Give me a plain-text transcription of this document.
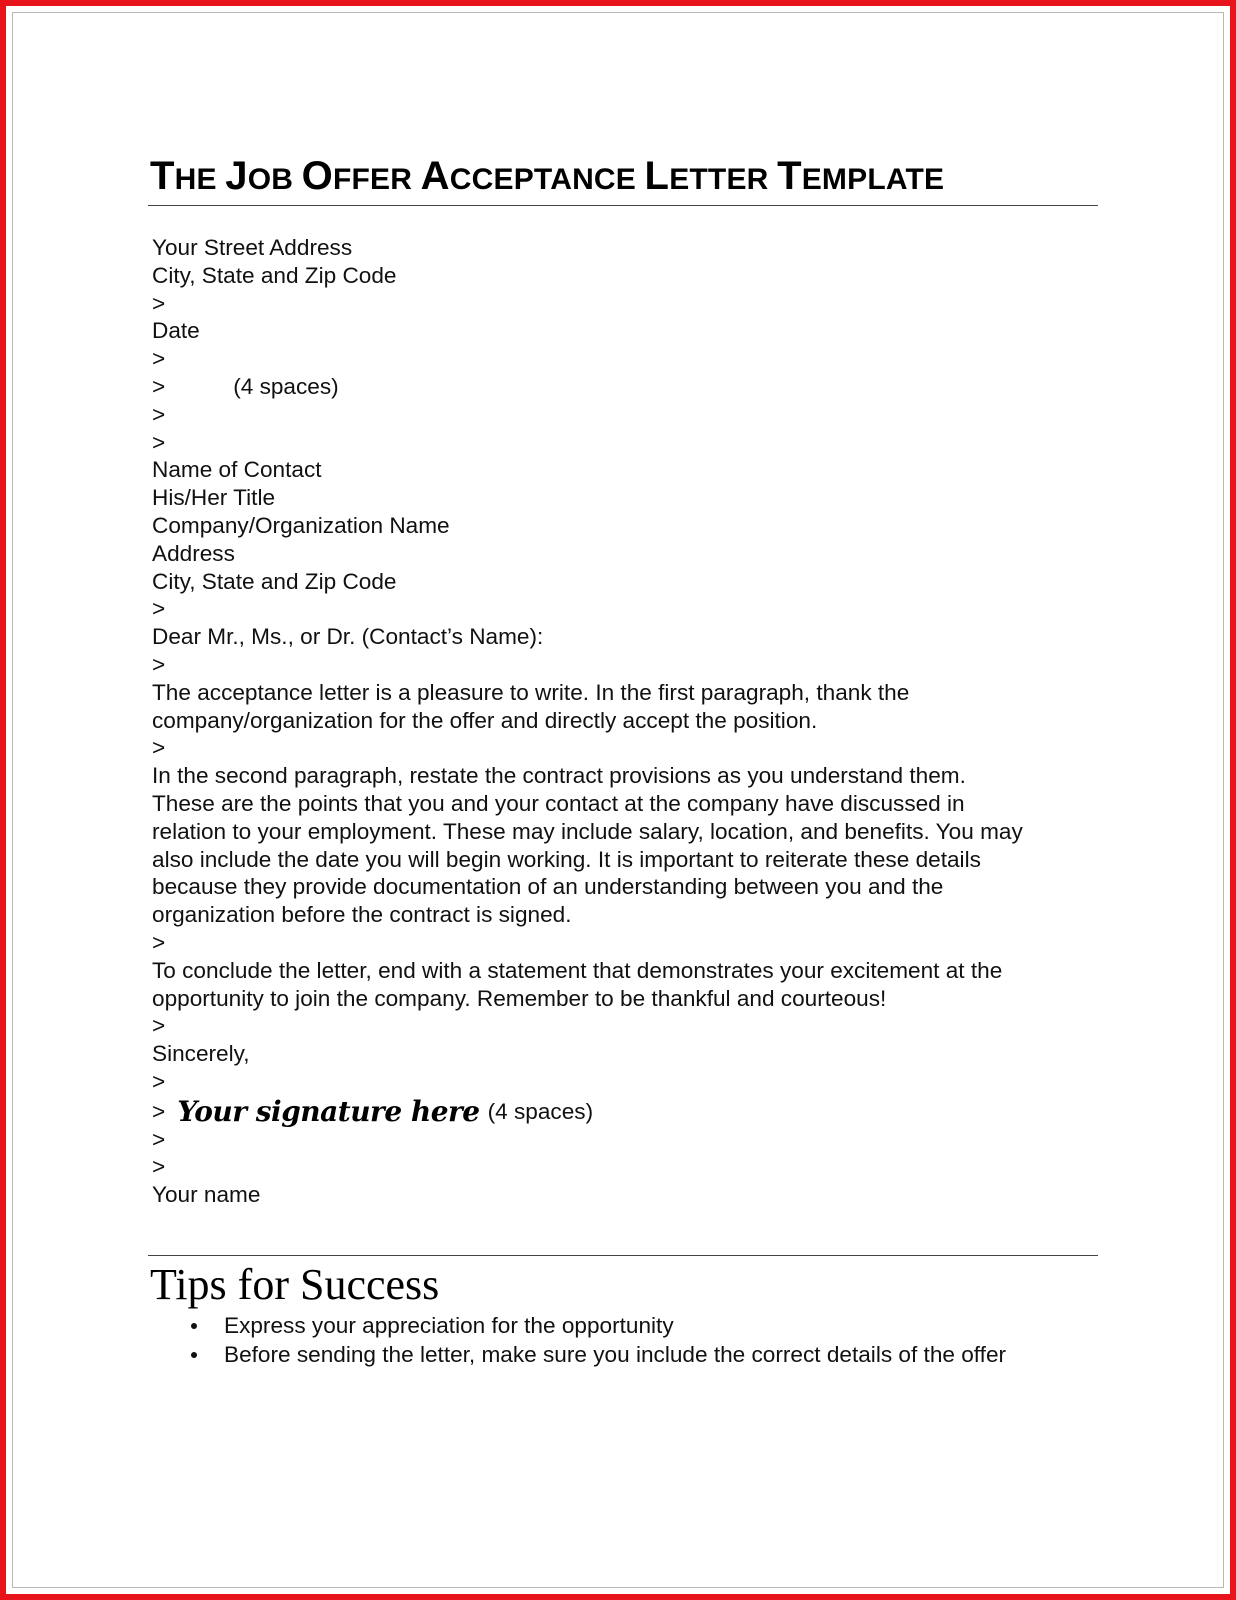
THE JOB OFFER ACCEPTANCE LETTER TEMPLATE
Your Street Address
City, State and Zip Code
>
Date
>
>	(4 spaces)
>
>
Name of Contact
His/Her Title
Company/Organization Name
Address
City, State and Zip Code
>
Dear Mr., Ms., or Dr. (Contact’s Name):
>
The acceptance letter is a pleasure to write. In the first paragraph, thank the
company/organization for the offer and directly accept the position.
>
In the second paragraph, restate the contract provisions as you understand them.
These are the points that you and your contact at the company have discussed in
relation to your employment. These may include salary, location, and benefits. You may
also include the date you will begin working. It is important to reiterate these details
because they provide documentation of an understanding between you and the
organization before the contract is signed.
>
To conclude the letter, end with a statement that demonstrates your excitement at the
opportunity to join the company. Remember to be thankful and courteous!
>
Sincerely,
>
> Your signature here (4 spaces)
>
>
Your name
Tips for Success
Express your appreciation for the opportunity
Before sending the letter, make sure you include the correct details of the offer
